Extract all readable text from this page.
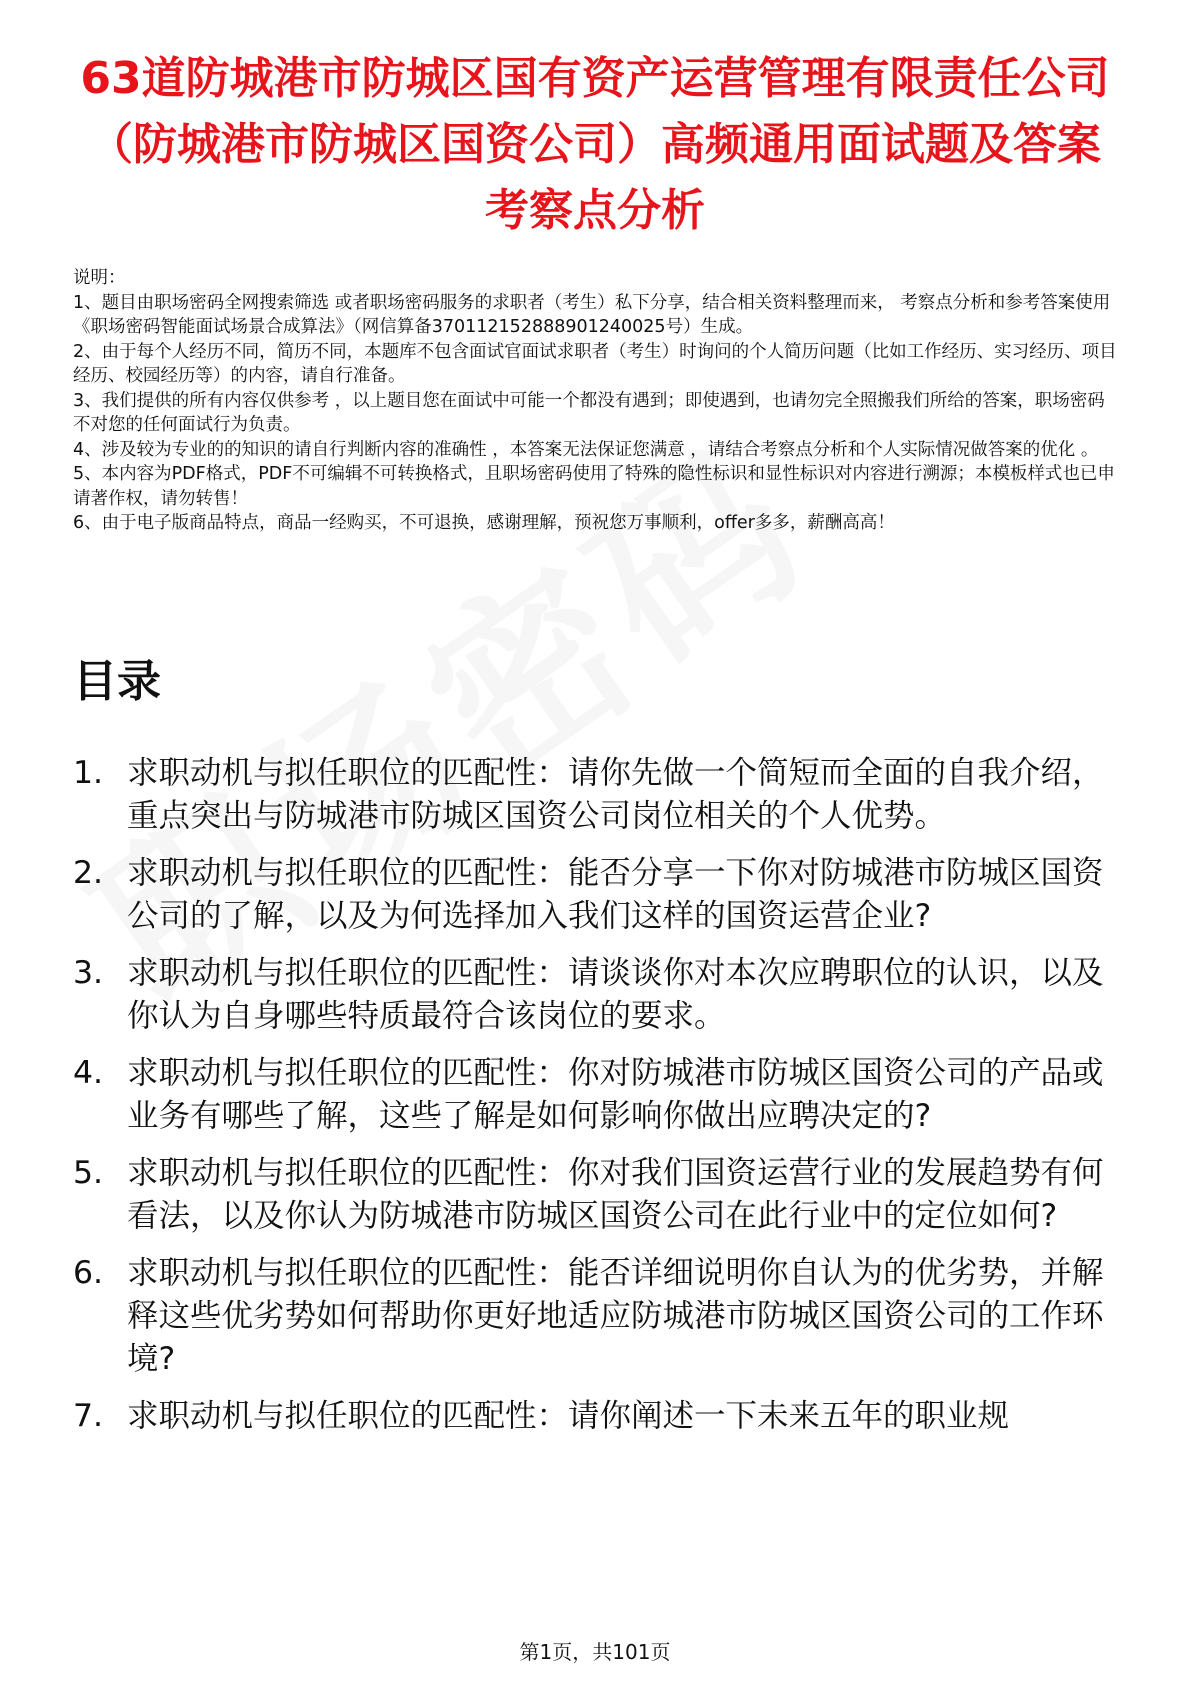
63道防城港市防城区国有资产运营管理有限责任公司（防城港市防城区国资公司）高频通用面试题及答案考察点分析

说明：

1、题目由职场密码全网搜索筛选 或者职场密码服务的求职者（考生）私下分享，结合相关资料整理而来， 考察点分析和参考答案使用《职场密码智能面试场景合成算法》（网信算备370112152888901240025号）生成。

2、由于每个人经历不同，简历不同，本题库不包含面试官面试求职者（考生）时询问的个人简历问题（比如工作经历、实习经历、项目经历、校园经历等）的内容，请自行准备。

3、我们提供的所有内容仅供参考 ，以上题目您在面试中可能一个都没有遇到；即使遇到，也请勿完全照搬我们所给的答案，职场密码不对您的任何面试行为负责。

4、涉及较为专业的的知识的请自行判断内容的准确性 ，本答案无法保证您满意 ，请结合考察点分析和个人实际情况做答案的优化 。

5、本内容为PDF格式，PDF不可编辑不可转换格式，且职场密码使用了特殊的隐性标识和显性标识对内容进行溯源；本模板样式也已申请著作权，请勿转售！

6、由于电子版商品特点，商品一经购买，不可退换，感谢理解，预祝您万事顺利，offer多多，薪酬高高！

目录
1. 求职动机与拟任职位的匹配性：请你先做一个简短而全面的自我介绍，重点突出与防城港市防城区国资公司岗位相关的个人优势。
2. 求职动机与拟任职位的匹配性：能否分享一下你对防城港市防城区国资公司的了解，以及为何选择加入我们这样的国资运营企业?
3. 求职动机与拟任职位的匹配性：请谈谈你对本次应聘职位的认识，以及你认为自身哪些特质最符合该岗位的要求。
4. 求职动机与拟任职位的匹配性：你对防城港市防城区国资公司的产品或业务有哪些了解，这些了解是如何影响你做出应聘决定的?
5. 求职动机与拟任职位的匹配性：你对我们国资运营行业的发展趋势有何看法，以及你认为防城港市防城区国资公司在此行业中的定位如何?
6. 求职动机与拟任职位的匹配性：能否详细说明你自认为的优劣势，并解释这些优劣势如何帮助你更好地适应防城港市防城区国资公司的工作环境?
7. 求职动机与拟任职位的匹配性：请你阐述一下未来五年的职业规
第1页，共101页
